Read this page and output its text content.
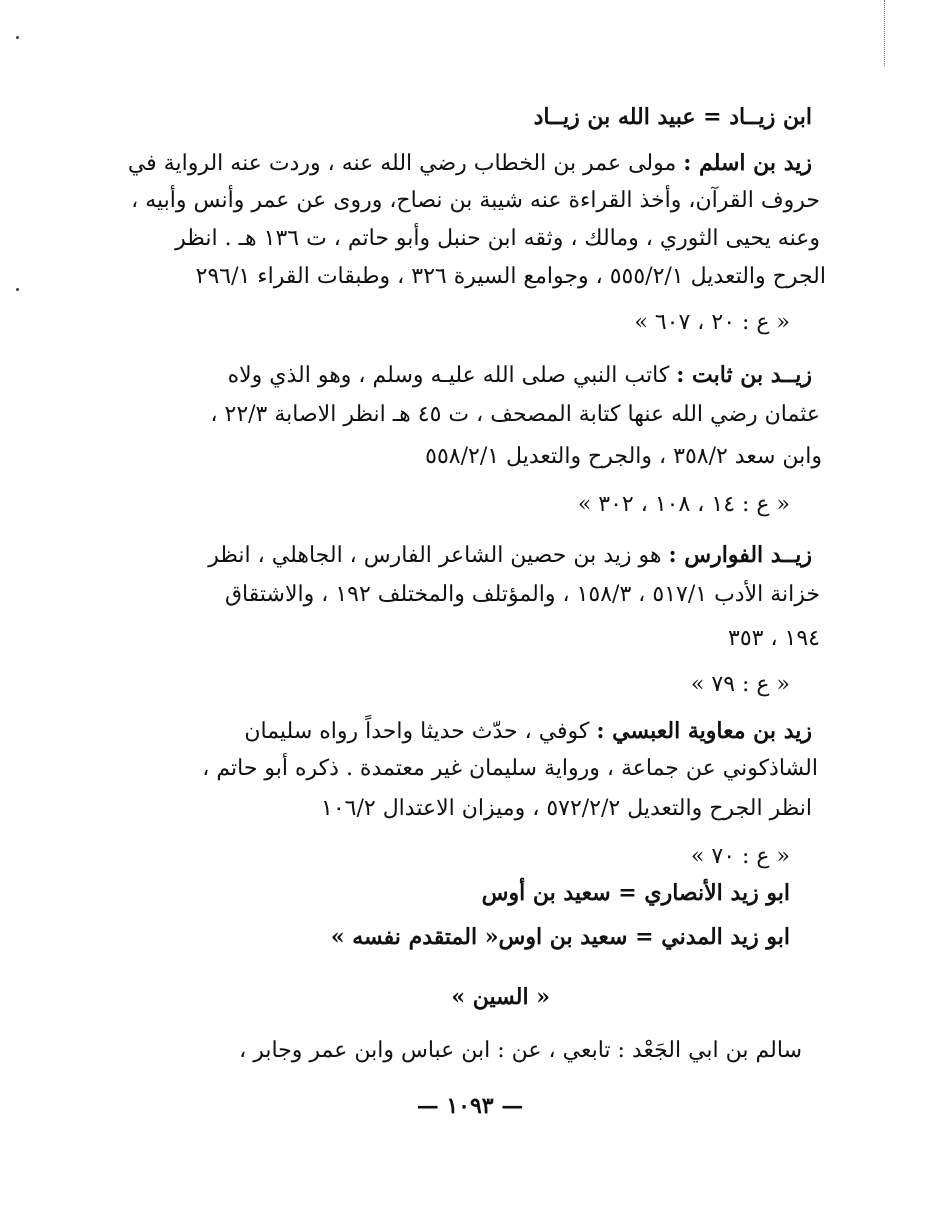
ابن زيــاد = عبيد الله بن زيــاد
زيد بن اسلم : مولى عمر بن الخطاب رضي الله عنه ، وردت عنه الرواية في
حروف القرآن، وأخذ القراءة عنه شيبة بن نصاح، وروى عن عمر وأنس وأبيه ،
وعنه يحيى الثوري ، ومالك ، وثقه ابن حنبل وأبو حاتم ، ت ١٣٦ هـ . انظر
الجرح والتعديل ٥٥٥/٢/١ ، وجوامع السيرة ٣٢٦ ، وطبقات القراء ٢٩٦/١
« ع : ٢٠ ، ٦٠٧ »
زيــد بن ثابت : كاتب النبي صلى الله عليـه وسلم ، وهو الذي ولاه
عثمان رضي الله عنها كتابة المصحف ، ت ٤٥ هـ انظر الاصابة ٢٢/٣ ،
وابن سعد ٣٥٨/٢ ، والجرح والتعديل ٥٥٨/٢/١
« ع : ١٤ ، ١٠٨ ، ٣٠٢ »
زيــد الفوارس : هو زيد بن حصين الشاعر الفارس ، الجاهلي ، انظر
خزانة الأدب ٥١٧/١ ، ١٥٨/٣ ، والمؤتلف والمختلف ١٩٢ ، والاشتقاق
١٩٤ ، ٣٥٣
« ع : ٧٩ »
زيد بن معاوية العبسي : كوفي ، حدّث حديثا واحداً رواه سليمان
الشاذكوني عن جماعة ، ورواية سليمان غير معتمدة . ذكره أبو حاتم ،
انظر الجرح والتعديل ٥٧٢/٢/٢ ، وميزان الاعتدال ١٠٦/٢
« ع : ٧٠ »
ابو زيد الأنصاري = سعيد بن أوس
ابو زيد المدني = سعيد بن اوس« المتقدم نفسه »
« السين »
سالم بن ابي الجَعْد : تابعي ، عن : ابن عباس وابن عمر وجابر ،
— ١٠٩٣ —
